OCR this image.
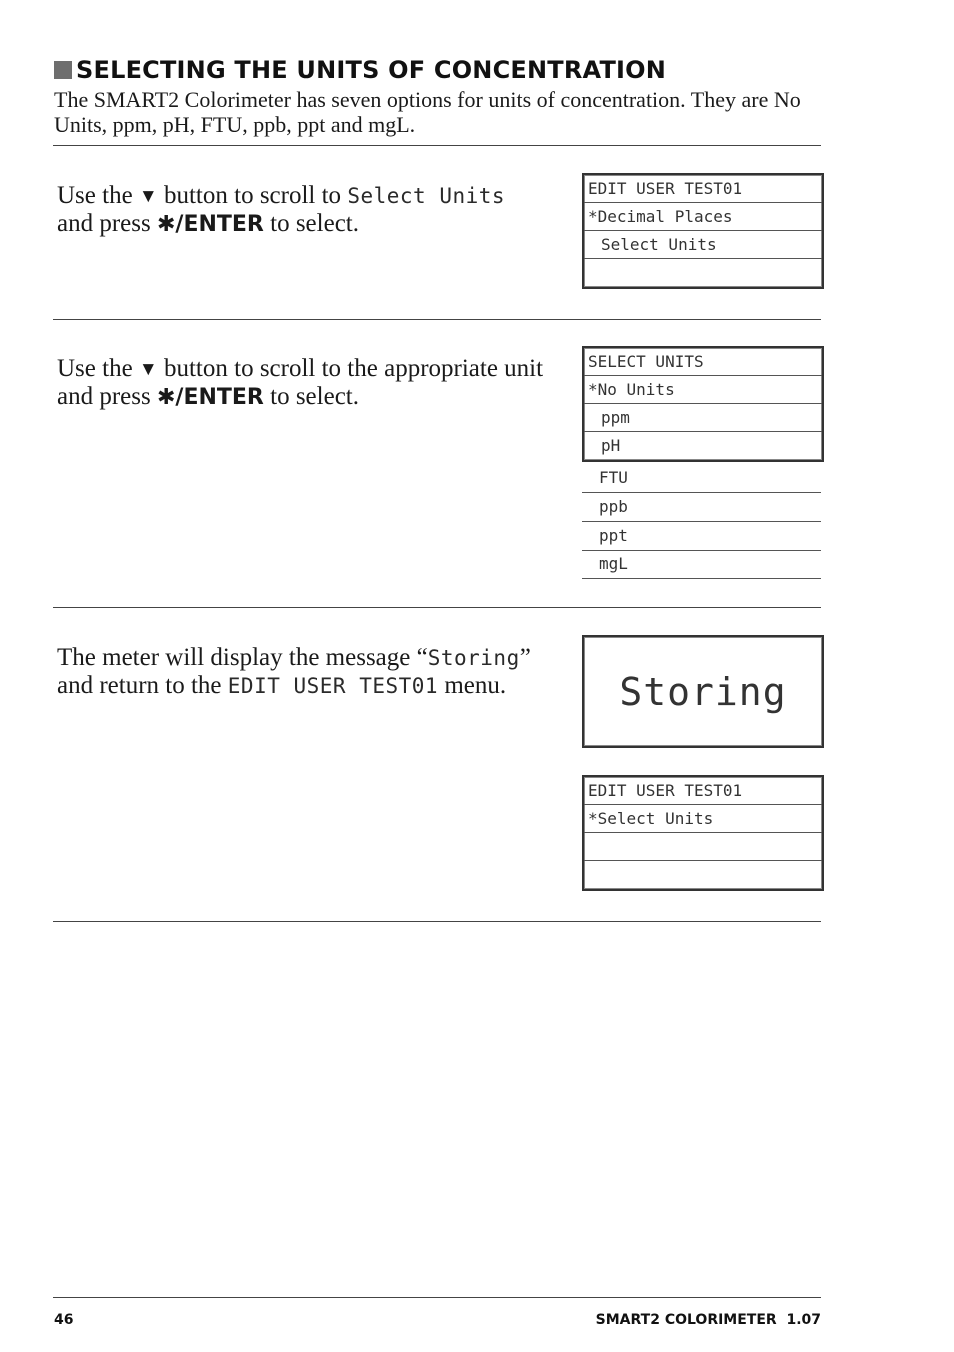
SELECTING THE UNITS OF CONCENTRATION
The SMART2 Colorimeter has seven options for units of concentration. They are No Units, ppm, pH, FTU, ppb, ppt and mgL.
Use the ▼ button to scroll to Select Units
and press ✱/ENTER to select.
EDIT USER TEST01
*Decimal Places
Select Units
Use the ▼ button to scroll to the appropriate unit
and press ✱/ENTER to select.
SELECT UNITS
*No Units
ppm
pH
FTU
ppb
ppt
mgL
The meter will display the message “Storing”
and return to the EDIT USER TEST01 menu.	Storing
EDIT USER TEST01
*Select Units
46	SMART2 COLORIMETER  1.07
